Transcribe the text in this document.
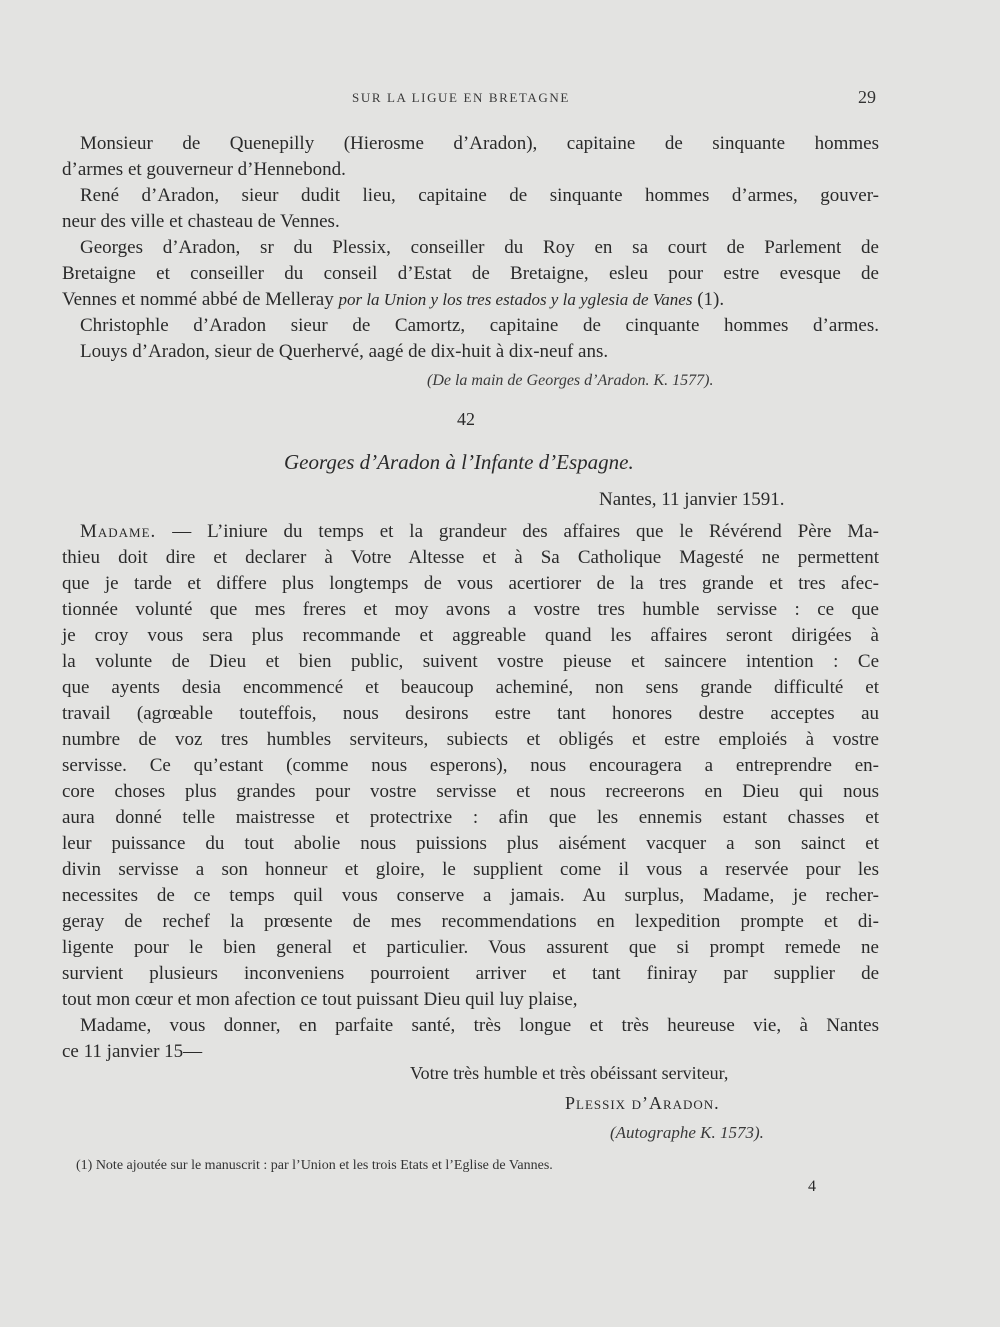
SUR LA LIGUE EN BRETAGNE	29
Monsieur de Quenepilly (Hierosme d’Aradon), capitaine de sinquante hommes
d’armes et gouverneur d’Hennebond.
René d’Aradon, sieur dudit lieu, capitaine de sinquante hommes d’armes, gouver-
neur des ville et chasteau de Vennes.
Georges d’Aradon, sr du Plessix, conseiller du Roy en sa court de Parlement de
Bretaigne et conseiller du conseil d’Estat de Bretaigne, esleu pour estre evesque de
Vennes et nommé abbé de Melleray por la Union y los tres estados y la yglesia de Vanes (1).
Christophle d’Aradon sieur de Camortz, capitaine de cinquante hommes d’armes.
Louys d’Aradon, sieur de Querhervé, aagé de dix-huit à dix-neuf ans.
(De la main de Georges d’Aradon. K. 1577).
42
Georges d’Aradon à l’Infante d’Espagne.
Nantes, 11 janvier 1591.
Madame. — L’iniure du temps et la grandeur des affaires que le Révérend Père Ma-
thieu doit dire et declarer à Votre Altesse et à Sa Catholique Magesté ne permettent
que je tarde et differe plus longtemps de vous acertiorer de la tres grande et tres afec-
tionnée volunté que mes freres et moy avons a vostre tres humble servisse : ce que
je croy vous sera plus recommande et aggreable quand les affaires seront dirigées à
la volunte de Dieu et bien public, suivent vostre pieuse et saincere intention : Ce
que ayents desia encommencé et beaucoup acheminé, non sens grande difficulté et
travail (agrœable touteffois, nous desirons estre tant honores destre acceptes au
numbre de voz tres humbles serviteurs, subiects et obligés et estre emploiés à vostre
servisse. Ce qu’estant (comme nous esperons), nous encouragera a entreprendre en-
core choses plus grandes pour vostre servisse et nous recreerons en Dieu qui nous
aura donné telle maistresse et protectrixe : afin que les ennemis estant chasses et
leur puissance du tout abolie nous puissions plus aisément vacquer a son sainct et
divin servisse a son honneur et gloire, le supplient come il vous a reservée pour les
necessites de ce temps quil vous conserve a jamais. Au surplus, Madame, je recher-
geray de rechef la prœsente de mes recommendations en lexpedition prompte et di-
ligente pour le bien general et particulier. Vous assurent que si prompt remede ne
survient plusieurs inconveniens pourroient arriver et tant finiray par supplier de
tout mon cœur et mon afection ce tout puissant Dieu quil luy plaise,
Madame, vous donner, en parfaite santé, très longue et très heureuse vie, à Nantes
ce 11 janvier 15—
Votre très humble et très obéissant serviteur,
Plessix d’Aradon.
(Autographe K. 1573).
(1) Note ajoutée sur le manuscrit : par l’Union et les trois Etats et l’Eglise de Vannes.
4
